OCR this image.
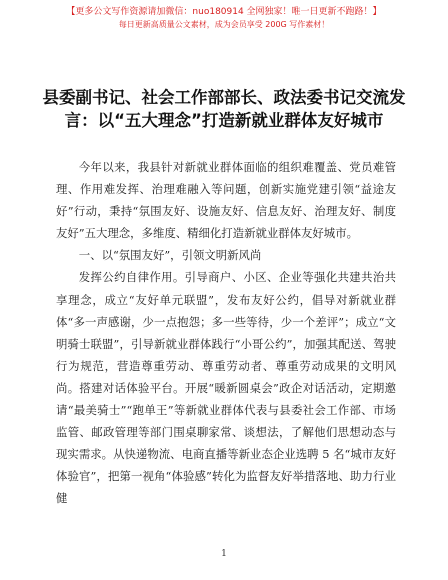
【更多公文写作资源请加微信：nuo180914 全网独家！唯一日更新不跑路！】
每日更新高质量公文素材，成为会员享受 200G 写作素材！
县委副书记、社会工作部部长、政法委书记交流发言：以“五大理念”打造新就业群体友好城市

今年以来，我县针对新就业群体面临的组织难覆盖、党员难管理、作用难发挥、治理难融入等问题，创新实施党建引领“益途友好”行动，秉持“氛围友好、设施友好、信息友好、治理友好、制度友好”五大理念，多维度、精细化打造新就业群体友好城市。

一、以“氛围友好”，引领文明新风尚

发挥公约自律作用。引导商户、小区、企业等强化共建共治共享理念，成立“友好单元联盟”，发布友好公约，倡导对新就业群体“多一声感谢，少一点抱怨；多一些等待，少一个差评”；成立“文明骑士联盟”，引导新就业群体践行“小哥公约”，加强其配送、驾驶行为规范，营造尊重劳动、尊重劳动者、尊重劳动成果的文明风尚。搭建对话体验平台。开展“暖新圆桌会”政企对话活动，定期邀请“最美骑士”“跑单王”等新就业群体代表与县委社会工作部、市场监管、邮政管理等部门围桌聊家常、谈想法，了解他们思想动态与现实需求。从快递物流、电商直播等新业态企业选聘 5 名“城市友好体验官”，把第一视角“体验感”转化为监督友好举措落地、助力行业健

1
